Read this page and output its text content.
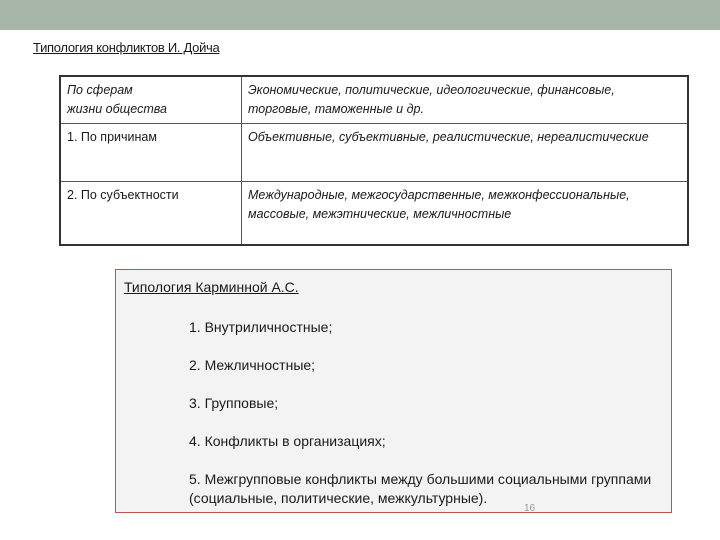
Типология конфликтов И. Дойча
По сферам
жизни общества	Экономические, политические, идеологические, финансовые, торговые, таможенные и др.
1. По причинам	Объективные, субъективные, реалистические, нереалистические
2. По субъектности	Международные, межгосударственные, межконфессиональные, массовые, межэтнические, межличностные
Типология Карминной А.С.
1. Внутриличностные;
2. Межличностные;
3. Групповые;
4. Конфликты в организациях;
5. Межгрупповые конфликты между большими социальными группами (социальные, политические, межкультурные).
16
